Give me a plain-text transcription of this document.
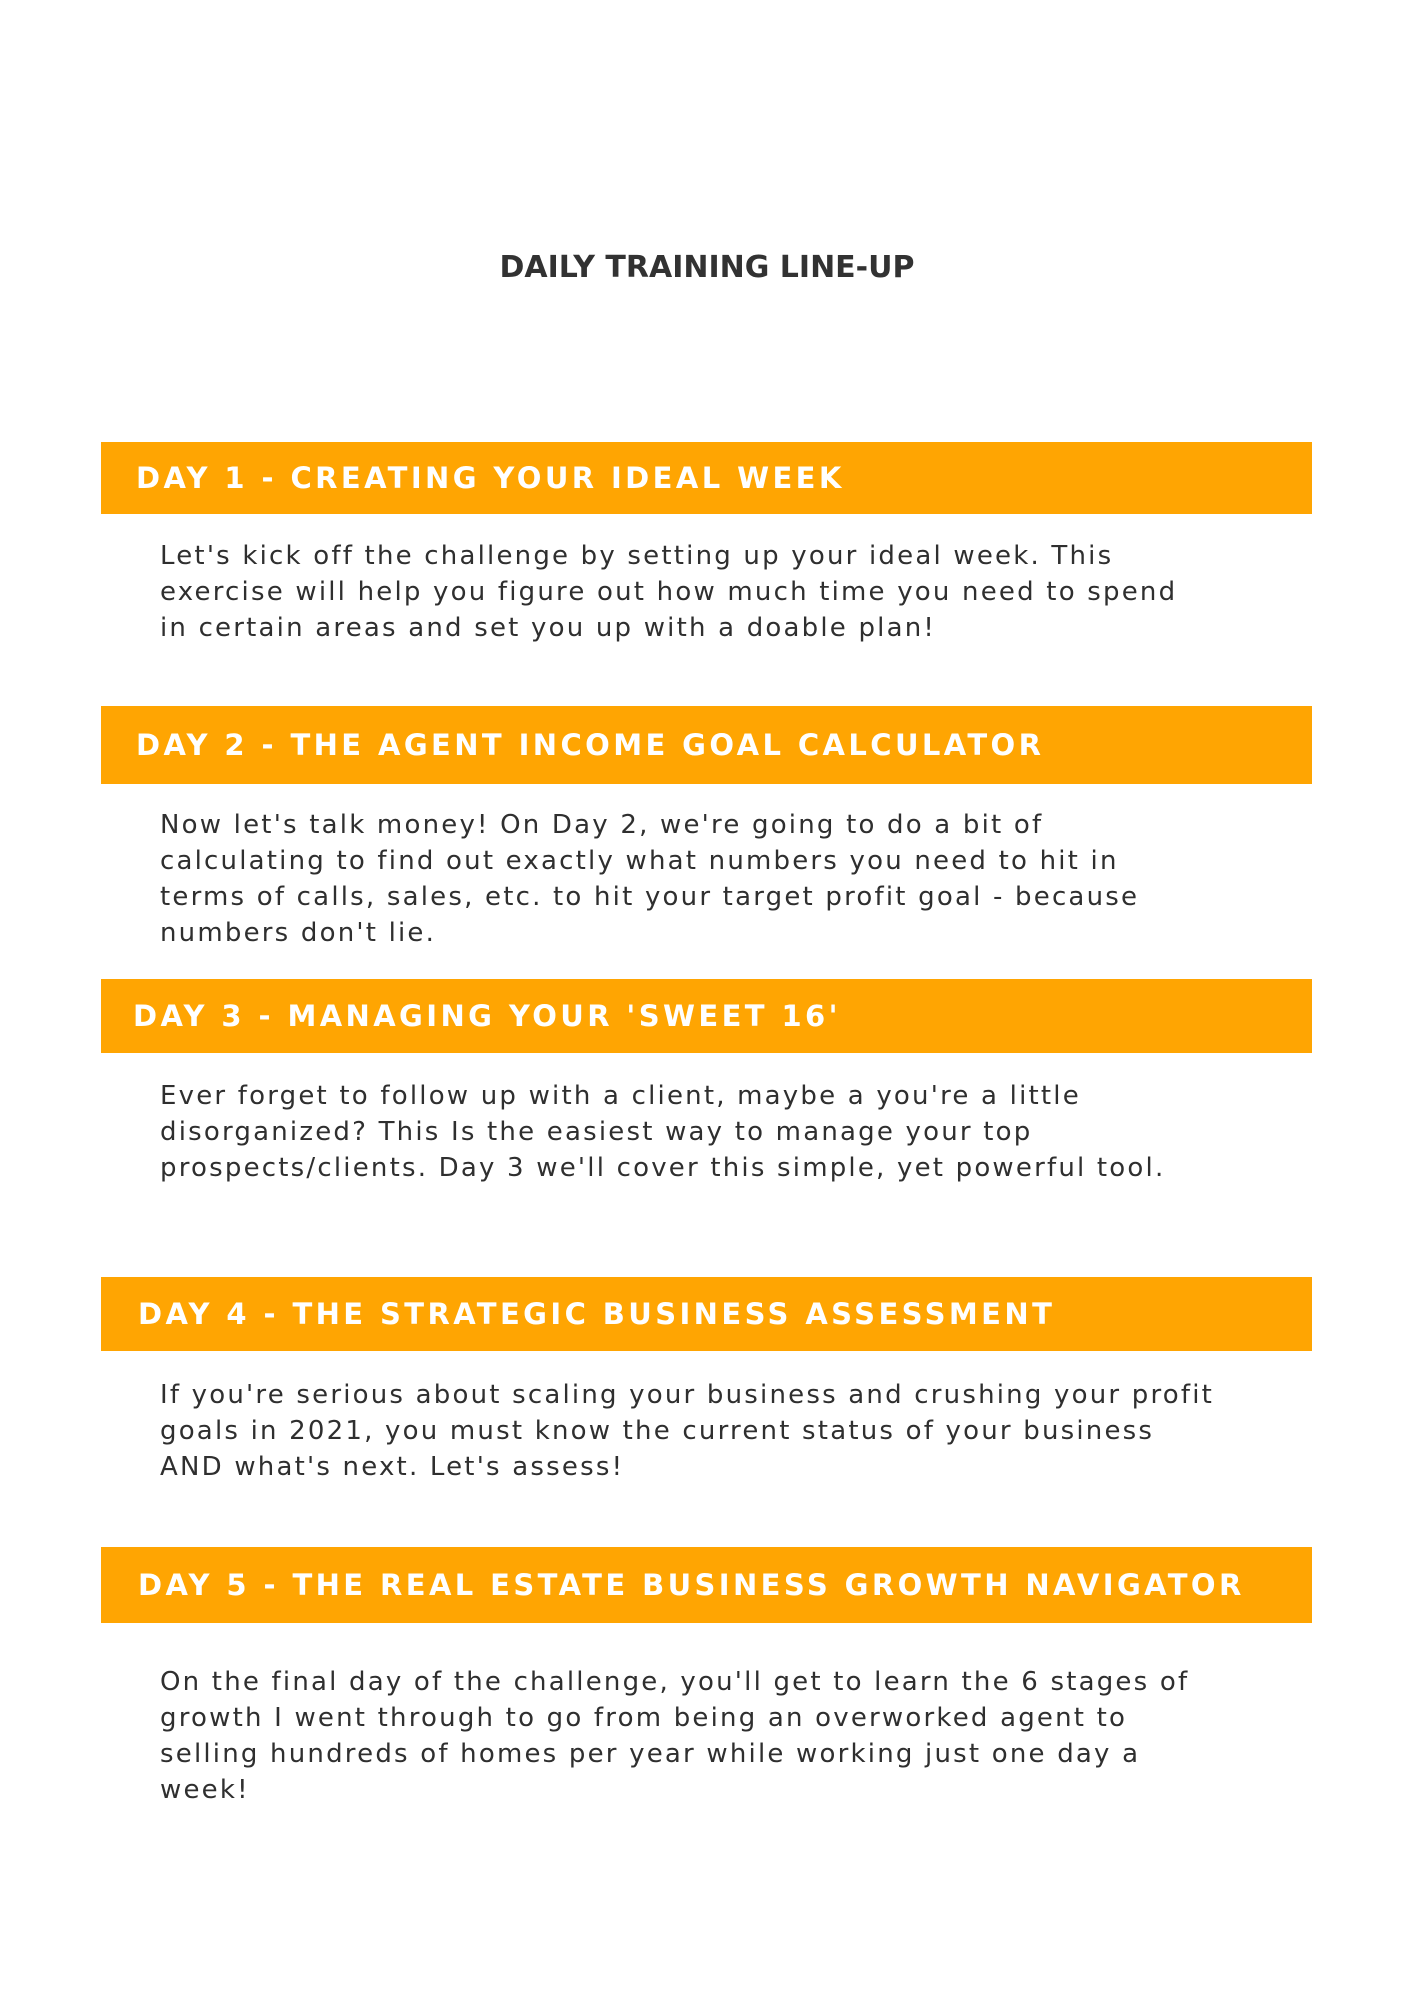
DAILY TRAINING LINE-UP
DAY 1 - CREATING YOUR IDEAL WEEK
Let's kick off the challenge by setting up your ideal week. This
exercise will help you figure out how much time you need to spend
in certain areas and set you up with a doable plan!
DAY 2 - THE AGENT INCOME GOAL CALCULATOR
Now let's talk money! On Day 2, we're going to do a bit of
calculating to find out exactly what numbers you need to hit in
terms of calls, sales, etc. to hit your target profit goal - because
numbers don't lie.
DAY 3 - MANAGING YOUR 'SWEET 16'
Ever forget to follow up with a client, maybe a you're a little
disorganized? This Is the easiest way to manage your top
prospects/clients. Day 3 we'll cover this simple, yet powerful tool.
DAY 4 - THE STRATEGIC BUSINESS ASSESSMENT
If you're serious about scaling your business and crushing your profit
goals in 2021, you must know the current status of your business
AND what's next. Let's assess!
DAY 5 - THE REAL ESTATE BUSINESS GROWTH NAVIGATOR
On the final day of the challenge, you'll get to learn the 6 stages of
growth I went through to go from being an overworked agent to
selling hundreds of homes per year while working just one day a
week!
